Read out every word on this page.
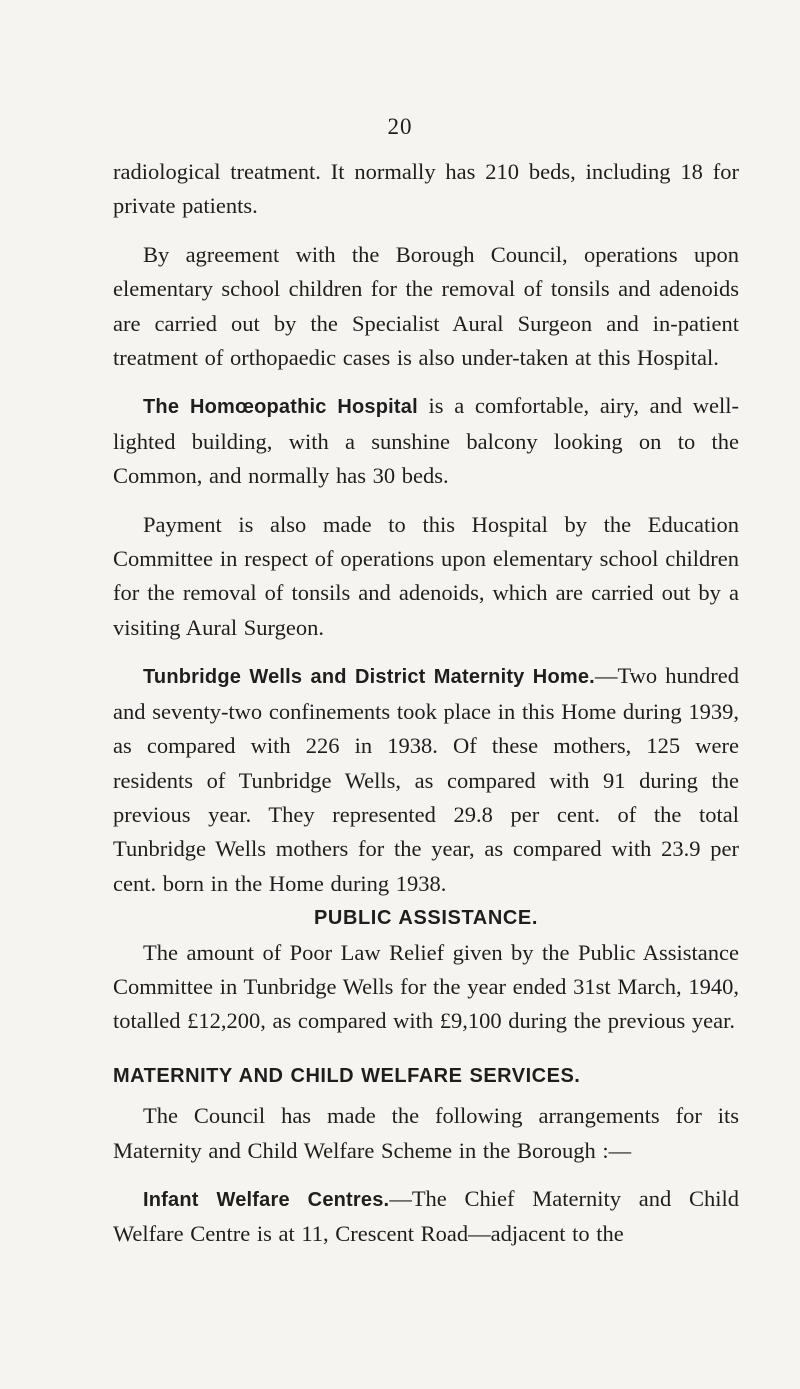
20

radiological treatment. It normally has 210 beds, including 18 for private patients.

By agreement with the Borough Council, operations upon elementary school children for the removal of tonsils and adenoids are carried out by the Specialist Aural Surgeon and in-patient treatment of orthopaedic cases is also under-taken at this Hospital.

The Homœopathic Hospital is a comfortable, airy, and well-lighted building, with a sunshine balcony looking on to the Common, and normally has 30 beds.

Payment is also made to this Hospital by the Education Committee in respect of operations upon elementary school children for the removal of tonsils and adenoids, which are carried out by a visiting Aural Surgeon.

Tunbridge Wells and District Maternity Home.—Two hundred and seventy-two confinements took place in this Home during 1939, as compared with 226 in 1938. Of these mothers, 125 were residents of Tunbridge Wells, as compared with 91 during the previous year. They represented 29.8 per cent. of the total Tunbridge Wells mothers for the year, as compared with 23.9 per cent. born in the Home during 1938.

PUBLIC ASSISTANCE.

The amount of Poor Law Relief given by the Public Assistance Committee in Tunbridge Wells for the year ended 31st March, 1940, totalled £12,200, as compared with £9,100 during the previous year.

MATERNITY AND CHILD WELFARE SERVICES.

The Council has made the following arrangements for its Maternity and Child Welfare Scheme in the Borough :—

Infant Welfare Centres.—The Chief Maternity and Child Welfare Centre is at 11, Crescent Road—adjacent to the
